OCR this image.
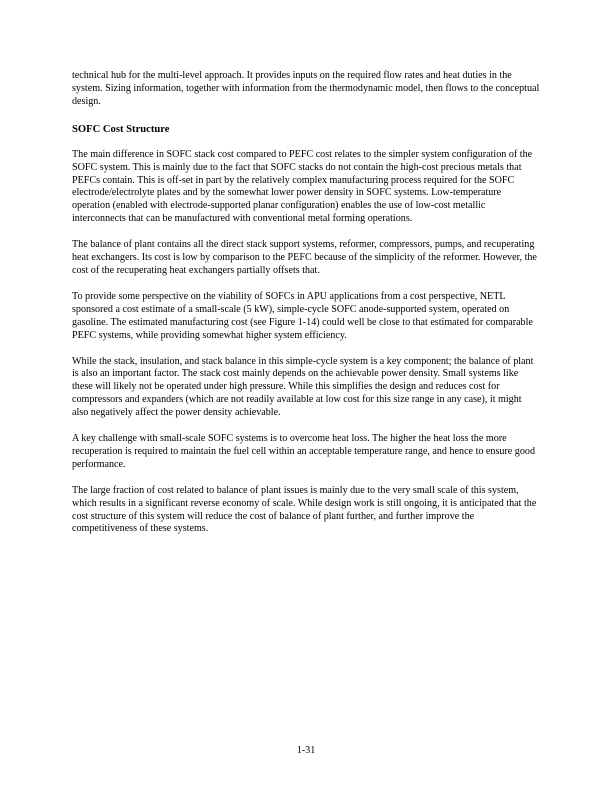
technical hub for the multi-level approach. It provides inputs on the required flow rates and heat duties in the system. Sizing information, together with information from the thermodynamic model, then flows to the conceptual design.

SOFC Cost Structure

The main difference in SOFC stack cost compared to PEFC cost relates to the simpler system configuration of the SOFC system. This is mainly due to the fact that SOFC stacks do not contain the high-cost precious metals that PEFCs contain. This is off-set in part by the relatively complex manufacturing process required for the SOFC electrode/electrolyte plates and by the somewhat lower power density in SOFC systems. Low-temperature operation (enabled with electrode-supported planar configuration) enables the use of low-cost metallic interconnects that can be manufactured with conventional metal forming operations.

The balance of plant contains all the direct stack support systems, reformer, compressors, pumps, and recuperating heat exchangers. Its cost is low by comparison to the PEFC because of the simplicity of the reformer. However, the cost of the recuperating heat exchangers partially offsets that.

To provide some perspective on the viability of SOFCs in APU applications from a cost perspective, NETL sponsored a cost estimate of a small-scale (5 kW), simple-cycle SOFC anode-supported system, operated on gasoline. The estimated manufacturing cost (see Figure 1-14) could well be close to that estimated for comparable PEFC systems, while providing somewhat higher system efficiency.

While the stack, insulation, and stack balance in this simple-cycle system is a key component; the balance of plant is also an important factor. The stack cost mainly depends on the achievable power density. Small systems like these will likely not be operated under high pressure. While this simplifies the design and reduces cost for compressors and expanders (which are not readily available at low cost for this size range in any case), it might also negatively affect the power density achievable.

A key challenge with small-scale SOFC systems is to overcome heat loss. The higher the heat loss the more recuperation is required to maintain the fuel cell within an acceptable temperature range, and hence to ensure good performance.

The large fraction of cost related to balance of plant issues is mainly due to the very small scale of this system, which results in a significant reverse economy of scale. While design work is still ongoing, it is anticipated that the cost structure of this system will reduce the cost of balance of plant further, and further improve the competitiveness of these systems.

1-31
